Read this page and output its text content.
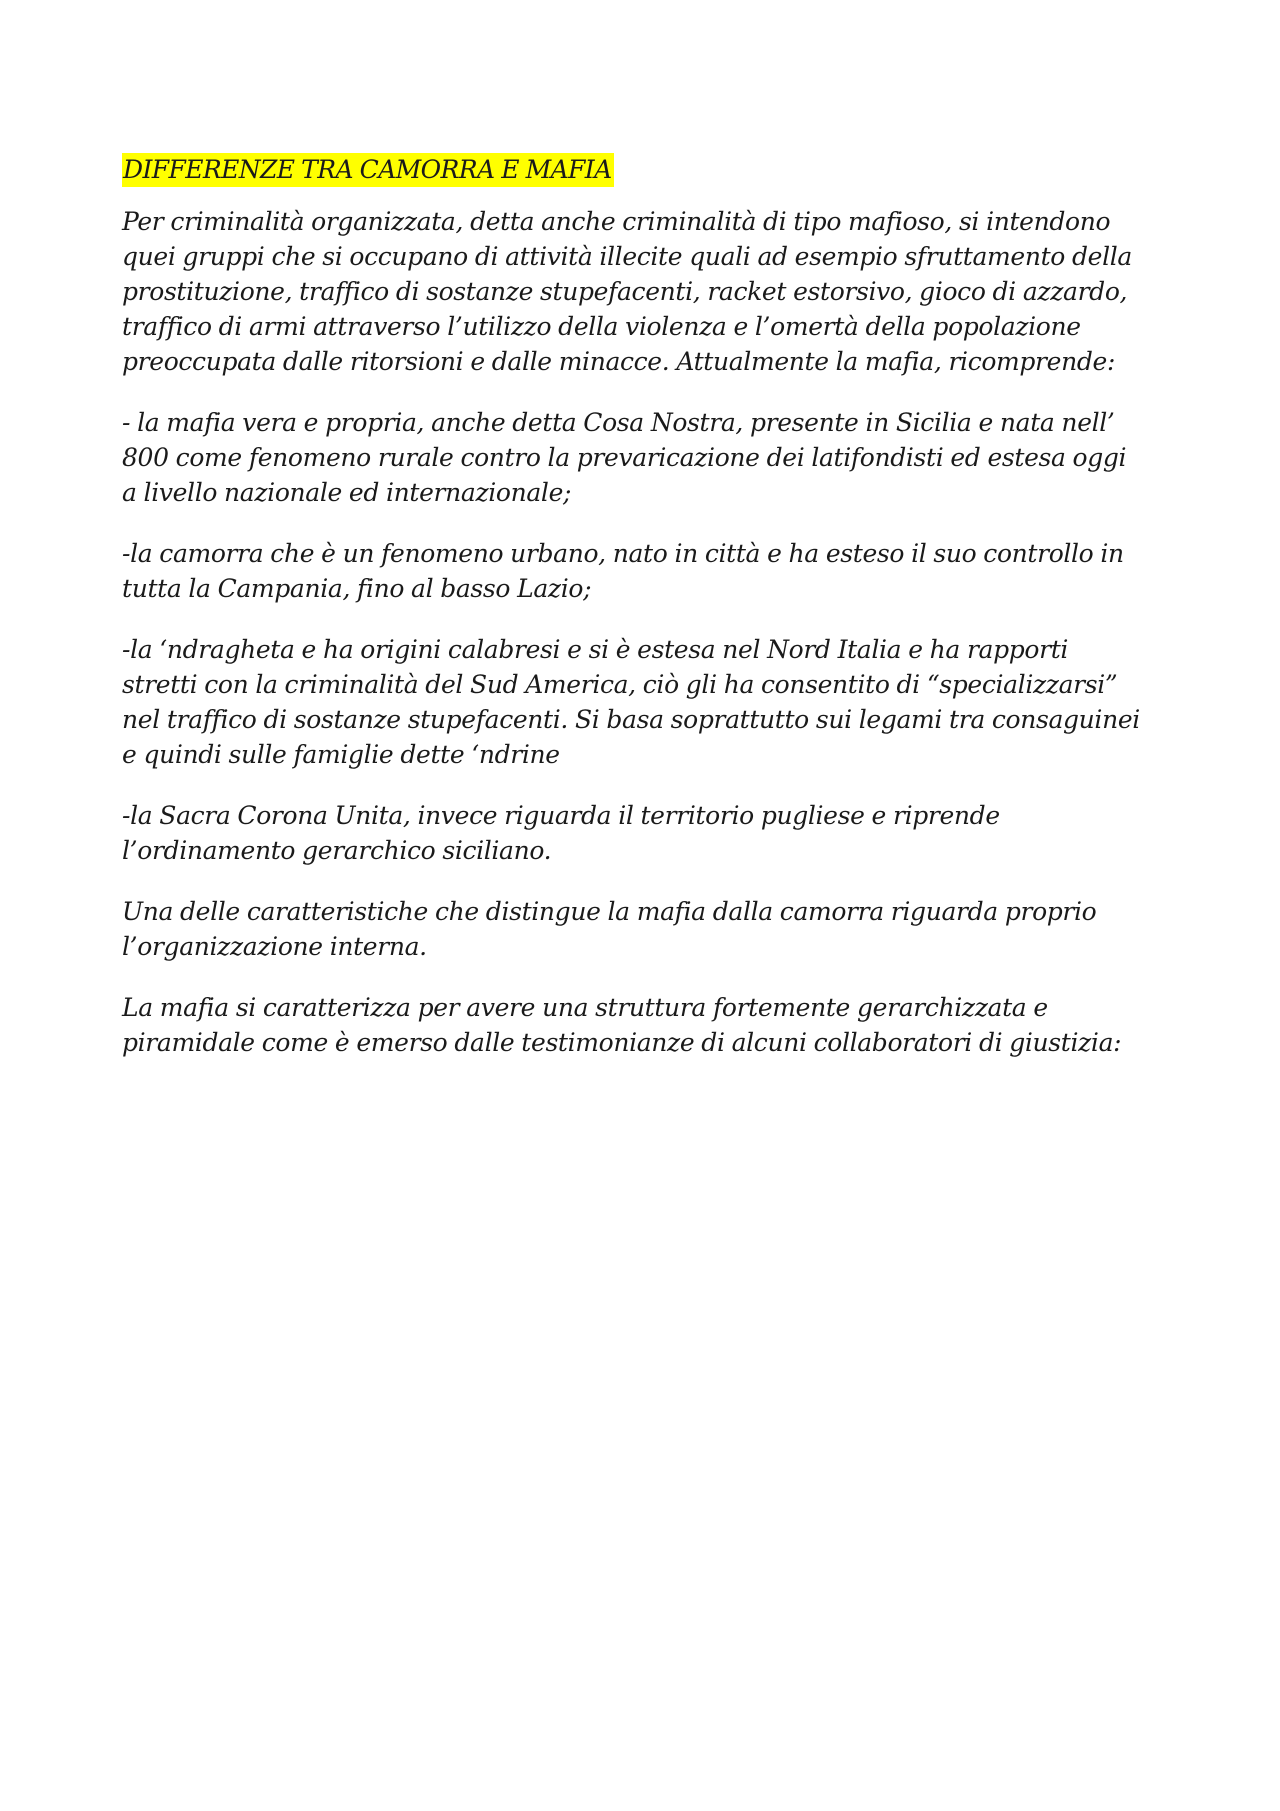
DIFFERENZE TRA CAMORRA E MAFIA
Per criminalità organizzata, detta anche criminalità di tipo mafioso, si intendono
quei gruppi che si occupano di attività illecite quali ad esempio sfruttamento della
prostituzione, traffico di sostanze stupefacenti, racket estorsivo, gioco di azzardo,
traffico di armi attraverso l’utilizzo della violenza e l’omertà della popolazione
preoccupata dalle ritorsioni e dalle minacce. Attualmente la mafia, ricomprende:
- la mafia vera e propria, anche detta Cosa Nostra, presente in Sicilia e nata nell’
800 come fenomeno rurale contro la prevaricazione dei latifondisti ed estesa oggi
a livello nazionale ed internazionale;
-la camorra che è un fenomeno urbano, nato in città e ha esteso il suo controllo in
tutta la Campania, fino al basso Lazio;
-la ‘ndragheta e ha origini calabresi e si è estesa nel Nord Italia e ha rapporti
stretti con la criminalità del Sud America, ciò gli ha consentito di “specializzarsi”
nel traffico di sostanze stupefacenti. Si basa soprattutto sui legami tra consaguinei
e quindi sulle famiglie dette ‘ndrine
-la Sacra Corona Unita, invece riguarda il territorio pugliese e riprende
l’ordinamento gerarchico siciliano.
Una delle caratteristiche che distingue la mafia dalla camorra riguarda proprio
l’organizzazione interna.
La mafia si caratterizza per avere una struttura fortemente gerarchizzata e
piramidale come è emerso dalle testimonianze di alcuni collaboratori di giustizia:
